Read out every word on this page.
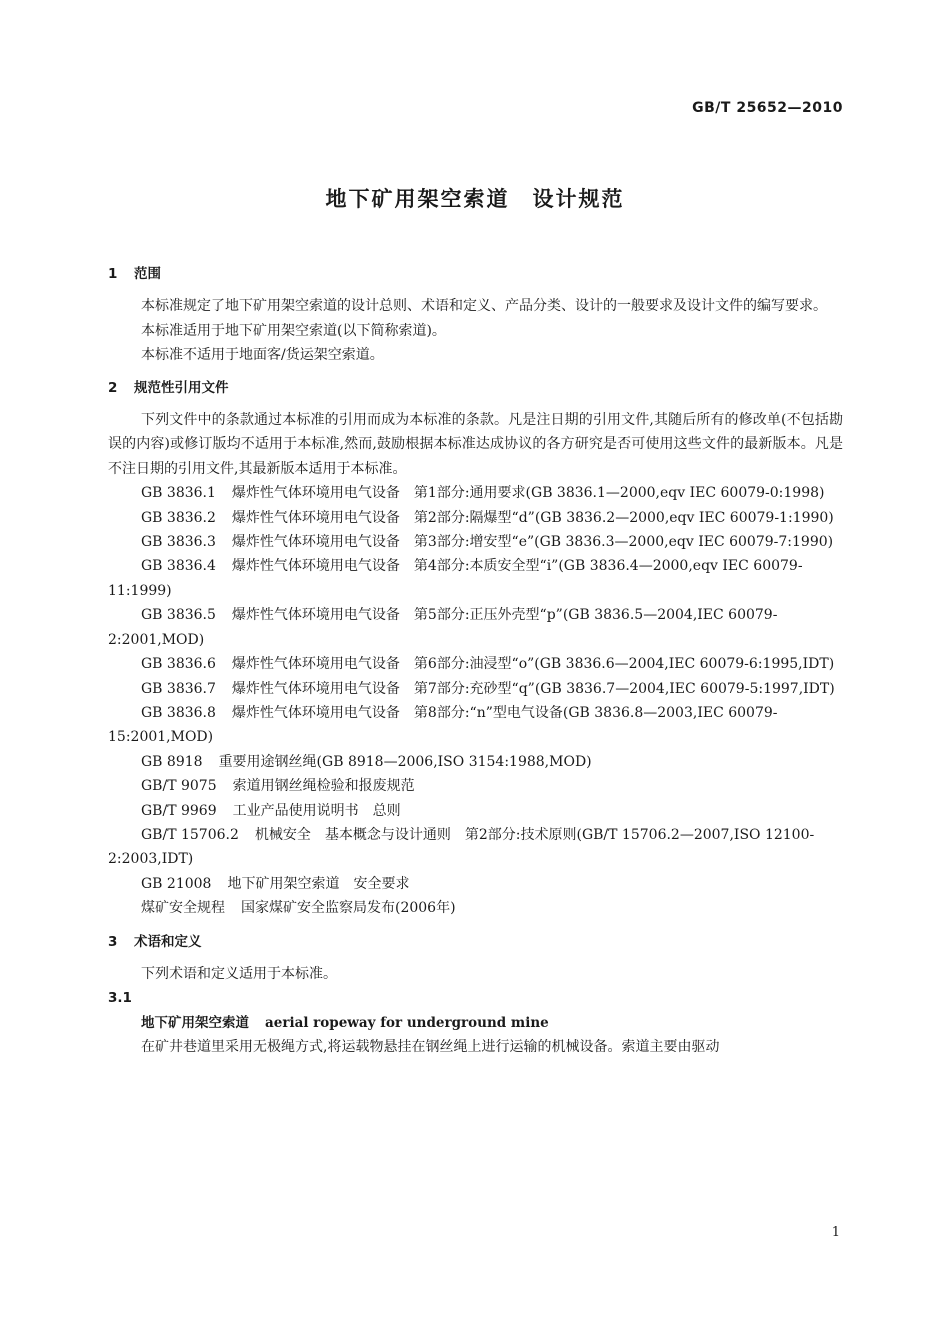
GB/T 25652—2010
地下矿用架空索道　设计规范
1 范围

本标准规定了地下矿用架空索道的设计总则、术语和定义、产品分类、设计的一般要求及设计文件的编写要求。

本标准适用于地下矿用架空索道(以下简称索道)。

本标准不适用于地面客/货运架空索道。

2 规范性引用文件

下列文件中的条款通过本标准的引用而成为本标准的条款。凡是注日期的引用文件,其随后所有的修改单(不包括勘误的内容)或修订版均不适用于本标准,然而,鼓励根据本标准达成协议的各方研究是否可使用这些文件的最新版本。凡是不注日期的引用文件,其最新版本适用于本标准。

GB 3836.1 爆炸性气体环境用电气设备　第1部分:通用要求(GB 3836.1—2000,eqv IEC 60079-0:1998)

GB 3836.2 爆炸性气体环境用电气设备　第2部分:隔爆型“d”(GB 3836.2—2000,eqv IEC 60079-1:1990)

GB 3836.3 爆炸性气体环境用电气设备　第3部分:增安型“e”(GB 3836.3—2000,eqv IEC 60079-7:1990)

GB 3836.4 爆炸性气体环境用电气设备　第4部分:本质安全型“i”(GB 3836.4—2000,eqv IEC 60079-11:1999)

GB 3836.5 爆炸性气体环境用电气设备　第5部分:正压外壳型“p”(GB 3836.5—2004,IEC 60079-2:2001,MOD)

GB 3836.6 爆炸性气体环境用电气设备　第6部分:油浸型“o”(GB 3836.6—2004,IEC 60079-6:1995,IDT)

GB 3836.7 爆炸性气体环境用电气设备　第7部分:充砂型“q”(GB 3836.7—2004,IEC 60079-5:1997,IDT)

GB 3836.8 爆炸性气体环境用电气设备　第8部分:“n”型电气设备(GB 3836.8—2003,IEC 60079-15:2001,MOD)

GB 8918 重要用途钢丝绳(GB 8918—2006,ISO 3154:1988,MOD)

GB/T 9075 索道用钢丝绳检验和报废规范

GB/T 9969 工业产品使用说明书　总则

GB/T 15706.2 机械安全　基本概念与设计通则　第2部分:技术原则(GB/T 15706.2—2007,ISO 12100-2:2003,IDT)

GB 21008 地下矿用架空索道　安全要求

煤矿安全规程 国家煤矿安全监察局发布(2006年)

3 术语和定义

下列术语和定义适用于本标准。

3.1

地下矿用架空索道 aerial ropeway for underground mine

在矿井巷道里采用无极绳方式,将运载物悬挂在钢丝绳上进行运输的机械设备。索道主要由驱动

1
